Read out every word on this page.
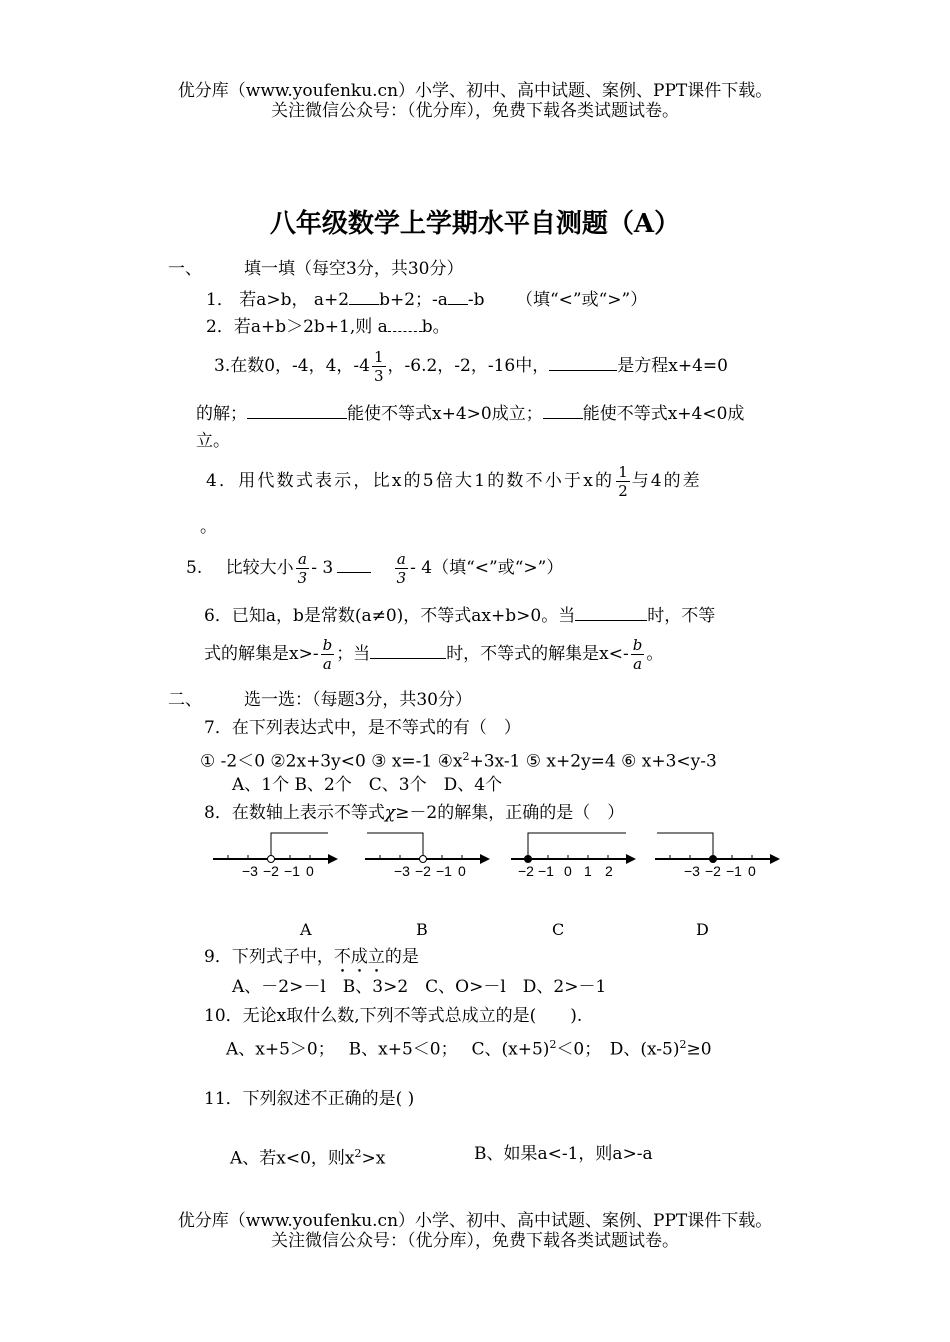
优分库（www.youfenku.cn）小学、初中、高中试题、案例、PPT课件下载。
关注微信公众号：（优分库），免费下载各类试题试卷。
八年级数学上学期水平自测题（A）
一、 填一填（每空3分，共30分）
1． 若a>b， a+2 b+2；-a -b （填“<”或“>”）
2．若a+b＞2b+1,则 a b。
3.在数0，-4，4，$-4 \frac{1}{3}$ ，-6.2，-2，-16中，	是方程x+4=0
的解；	能使不等式x+4>0成立； 能使不等式x+4<0成
立。
4．用代数式表示，比x的5倍大1的数不小于x的 $\frac{1}{2}$ 与4的差
。
5. 比较大小 $\frac{a}{3} - 3$	$\frac{a}{3} - 4$（填“<”或“>”）
6．已知a，b是常数(a≠0)，不等式ax+b>0。当	时，不等
式的解集是$x>- \frac{b}{a}$ ；当	时，不等式的解集是$x<- \frac{b}{a}$ 。
二、 选一选：（每题3分，共30分）
7．在下列表达式中，是不等式的有（　）
① -2＜0 ②2x+3y<0 ③ x=-1 $④x^2+3x-1$ ⑤ x+2y=4 ⑥ x+3<y-3
A、1个 B、2个　C、3个　D、4个
8．在数轴上表示不等式χ≥－2的解集，正确的是（　）
−3 −2 −1 0	−3 −2 −1 0	−2 −1 0 1 2	−3 −2 −1 0
A	B	C	D
9．下列式子中，不成立的是
A、－2>－l　B、3>2　C、O>－l　D、2>－1
10．无论x取什么数,下列不等式总成立的是(　　).
A、x+5＞0；　 B、x+5＜0；　 C、$(x+5)^2<0$；　D、$(x-5)^2\ge 0$
11．下列叙述不正确的是( )
A、若x<0，则$x^2>x$	B、如果a<-1，则a>-a
优分库（www.youfenku.cn）小学、初中、高中试题、案例、PPT课件下载。
关注微信公众号：（优分库），免费下载各类试题试卷。
